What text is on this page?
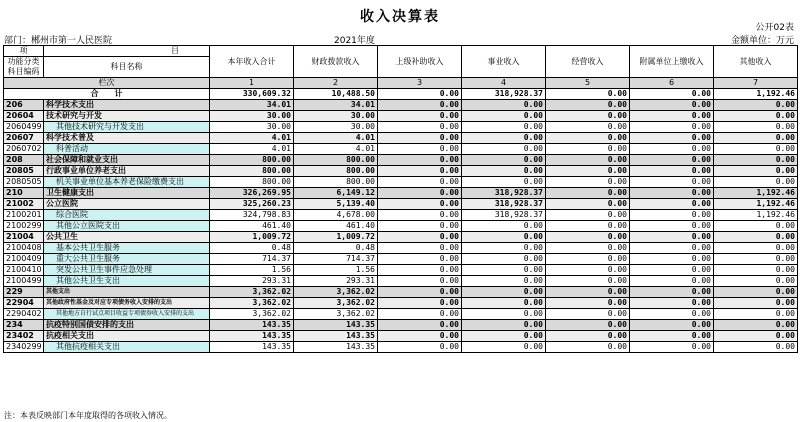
收入决算表
公开02表
部门：郴州市第一人民医院	2021年度	金额单位：万元
项	目	本年收入合计	财政拨款收入	上级补助收入	事业收入	经营收入	附属单位上缴收入	其他收入
功能分类
科目编码	科目名称							
栏次		1	2	3	4	5	6	7
合　　计		330,609.32	10,488.50	0.00	318,928.37	0.00	0.00	1,192.46
206	科学技术支出	34.01	34.01	0.00	0.00	0.00	0.00	0.00
20604	技术研究与开发	30.00	30.00	0.00	0.00	0.00	0.00	0.00
2060499	其他技术研究与开发支出	30.00	30.00	0.00	0.00	0.00	0.00	0.00
20607	科学技术普及	4.01	4.01	0.00	0.00	0.00	0.00	0.00
2060702	科普活动	4.01	4.01	0.00	0.00	0.00	0.00	0.00
208	社会保障和就业支出	800.00	800.00	0.00	0.00	0.00	0.00	0.00
20805	行政事业单位养老支出	800.00	800.00	0.00	0.00	0.00	0.00	0.00
2080505	机关事业单位基本养老保险缴费支出	800.00	800.00	0.00	0.00	0.00	0.00	0.00
210	卫生健康支出	326,269.95	6,149.12	0.00	318,928.37	0.00	0.00	1,192.46
21002	公立医院	325,260.23	5,139.40	0.00	318,928.37	0.00	0.00	1,192.46
2100201	综合医院	324,798.83	4,678.00	0.00	318,928.37	0.00	0.00	1,192.46
2100299	其他公立医院支出	461.40	461.40	0.00	0.00	0.00	0.00	0.00
21004	公共卫生	1,009.72	1,009.72	0.00	0.00	0.00	0.00	0.00
2100408	基本公共卫生服务	0.48	0.48	0.00	0.00	0.00	0.00	0.00
2100409	重大公共卫生服务	714.37	714.37	0.00	0.00	0.00	0.00	0.00
2100410	突发公共卫生事件应急处理	1.56	1.56	0.00	0.00	0.00	0.00	0.00
2100499	其他公共卫生支出	293.31	293.31	0.00	0.00	0.00	0.00	0.00
229	其他支出	3,362.02	3,362.02	0.00	0.00	0.00	0.00	0.00
22904	其他政府性基金及对应专项债务收入安排的支出	3,362.02	3,362.02	0.00	0.00	0.00	0.00	0.00
2290402	其他地方自行试点项目收益专项债券收入安排的支出	3,362.02	3,362.02	0.00	0.00	0.00	0.00	0.00
234	抗疫特别国债安排的支出	143.35	143.35	0.00	0.00	0.00	0.00	0.00
23402	抗疫相关支出	143.35	143.35	0.00	0.00	0.00	0.00	0.00
2340299	其他抗疫相关支出	143.35	143.35	0.00	0.00	0.00	0.00	0.00
注：本表反映部门本年度取得的各项收入情况。
